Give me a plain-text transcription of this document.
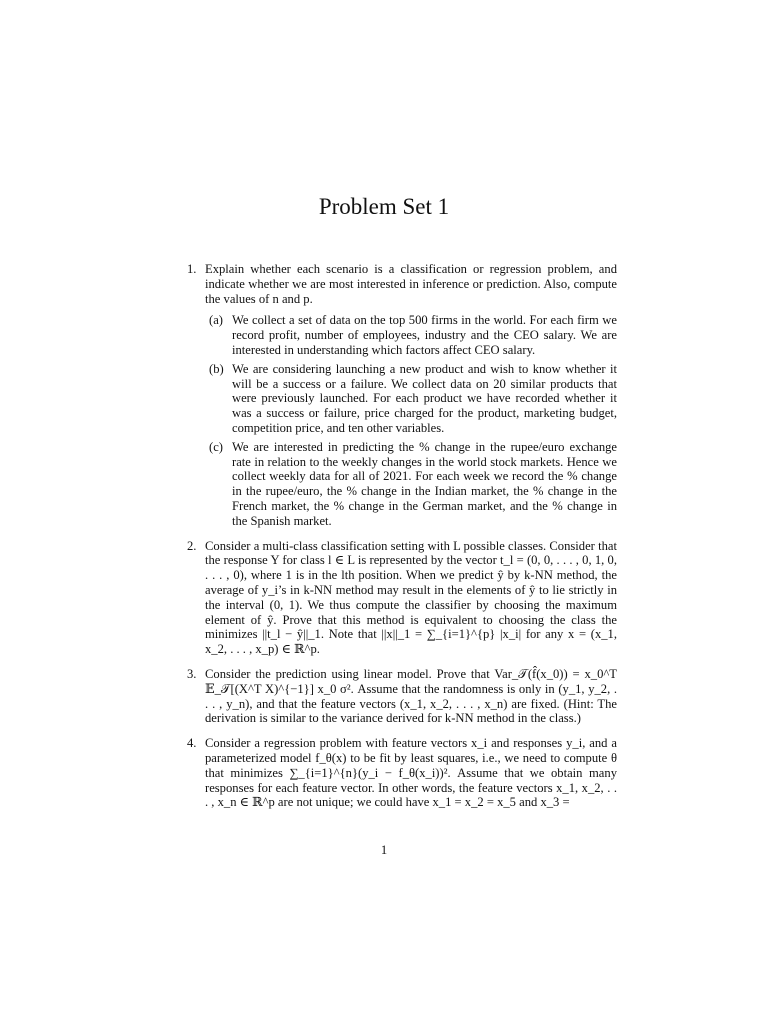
Problem Set 1
1. Explain whether each scenario is a classification or regression problem, and indicate whether we are most interested in inference or prediction. Also, compute the values of n and p.

(a) We collect a set of data on the top 500 firms in the world. For each firm we record profit, number of employees, industry and the CEO salary. We are interested in understanding which factors affect CEO salary.

(b) We are considering launching a new product and wish to know whether it will be a success or a failure. We collect data on 20 similar products that were previously launched. For each product we have recorded whether it was a success or failure, price charged for the product, marketing budget, competition price, and ten other variables.

(c) We are interested in predicting the % change in the rupee/euro exchange rate in relation to the weekly changes in the world stock markets. Hence we collect weekly data for all of 2021. For each week we record the % change in the rupee/euro, the % change in the Indian market, the % change in the French market, the % change in the German market, and the % change in the Spanish market.

2. Consider a multi-class classification setting with L possible classes. Consider that the response Y for class l ∈ L is represented by the vector t_l = (0, 0, . . . , 0, 1, 0, . . . , 0), where 1 is in the lth position. When we predict ŷ by k-NN method, the average of y_i’s in k-NN method may result in the elements of ŷ to lie strictly in the interval (0, 1). We thus compute the classifier by choosing the maximum element of ŷ. Prove that this method is equivalent to choosing the class the minimizes ||t_l − ŷ||_1. Note that ||x||_1 = ∑_{i=1}^{p} |x_i| for any x = (x_1, x_2, . . . , x_p) ∈ ℝ^p.

3. Consider the prediction using linear model. Prove that Var_𝒯(f̂(x_0)) = x_0^T 𝔼_𝒯[(X^T X)^{−1}] x_0 σ². Assume that the randomness is only in (y_1, y_2, . . . , y_n), and that the feature vectors (x_1, x_2, . . . , x_n) are fixed. (Hint: The derivation is similar to the variance derived for k-NN method in the class.)

4. Consider a regression problem with feature vectors x_i and responses y_i, and a parameterized model f_θ(x) to be fit by least squares, i.e., we need to compute θ that minimizes ∑_{i=1}^{n}(y_i − f_θ(x_i))². Assume that we obtain many responses for each feature vector. In other words, the feature vectors x_1, x_2, . . . , x_n ∈ ℝ^p are not unique; we could have x_1 = x_2 = x_5 and x_3 =

1
